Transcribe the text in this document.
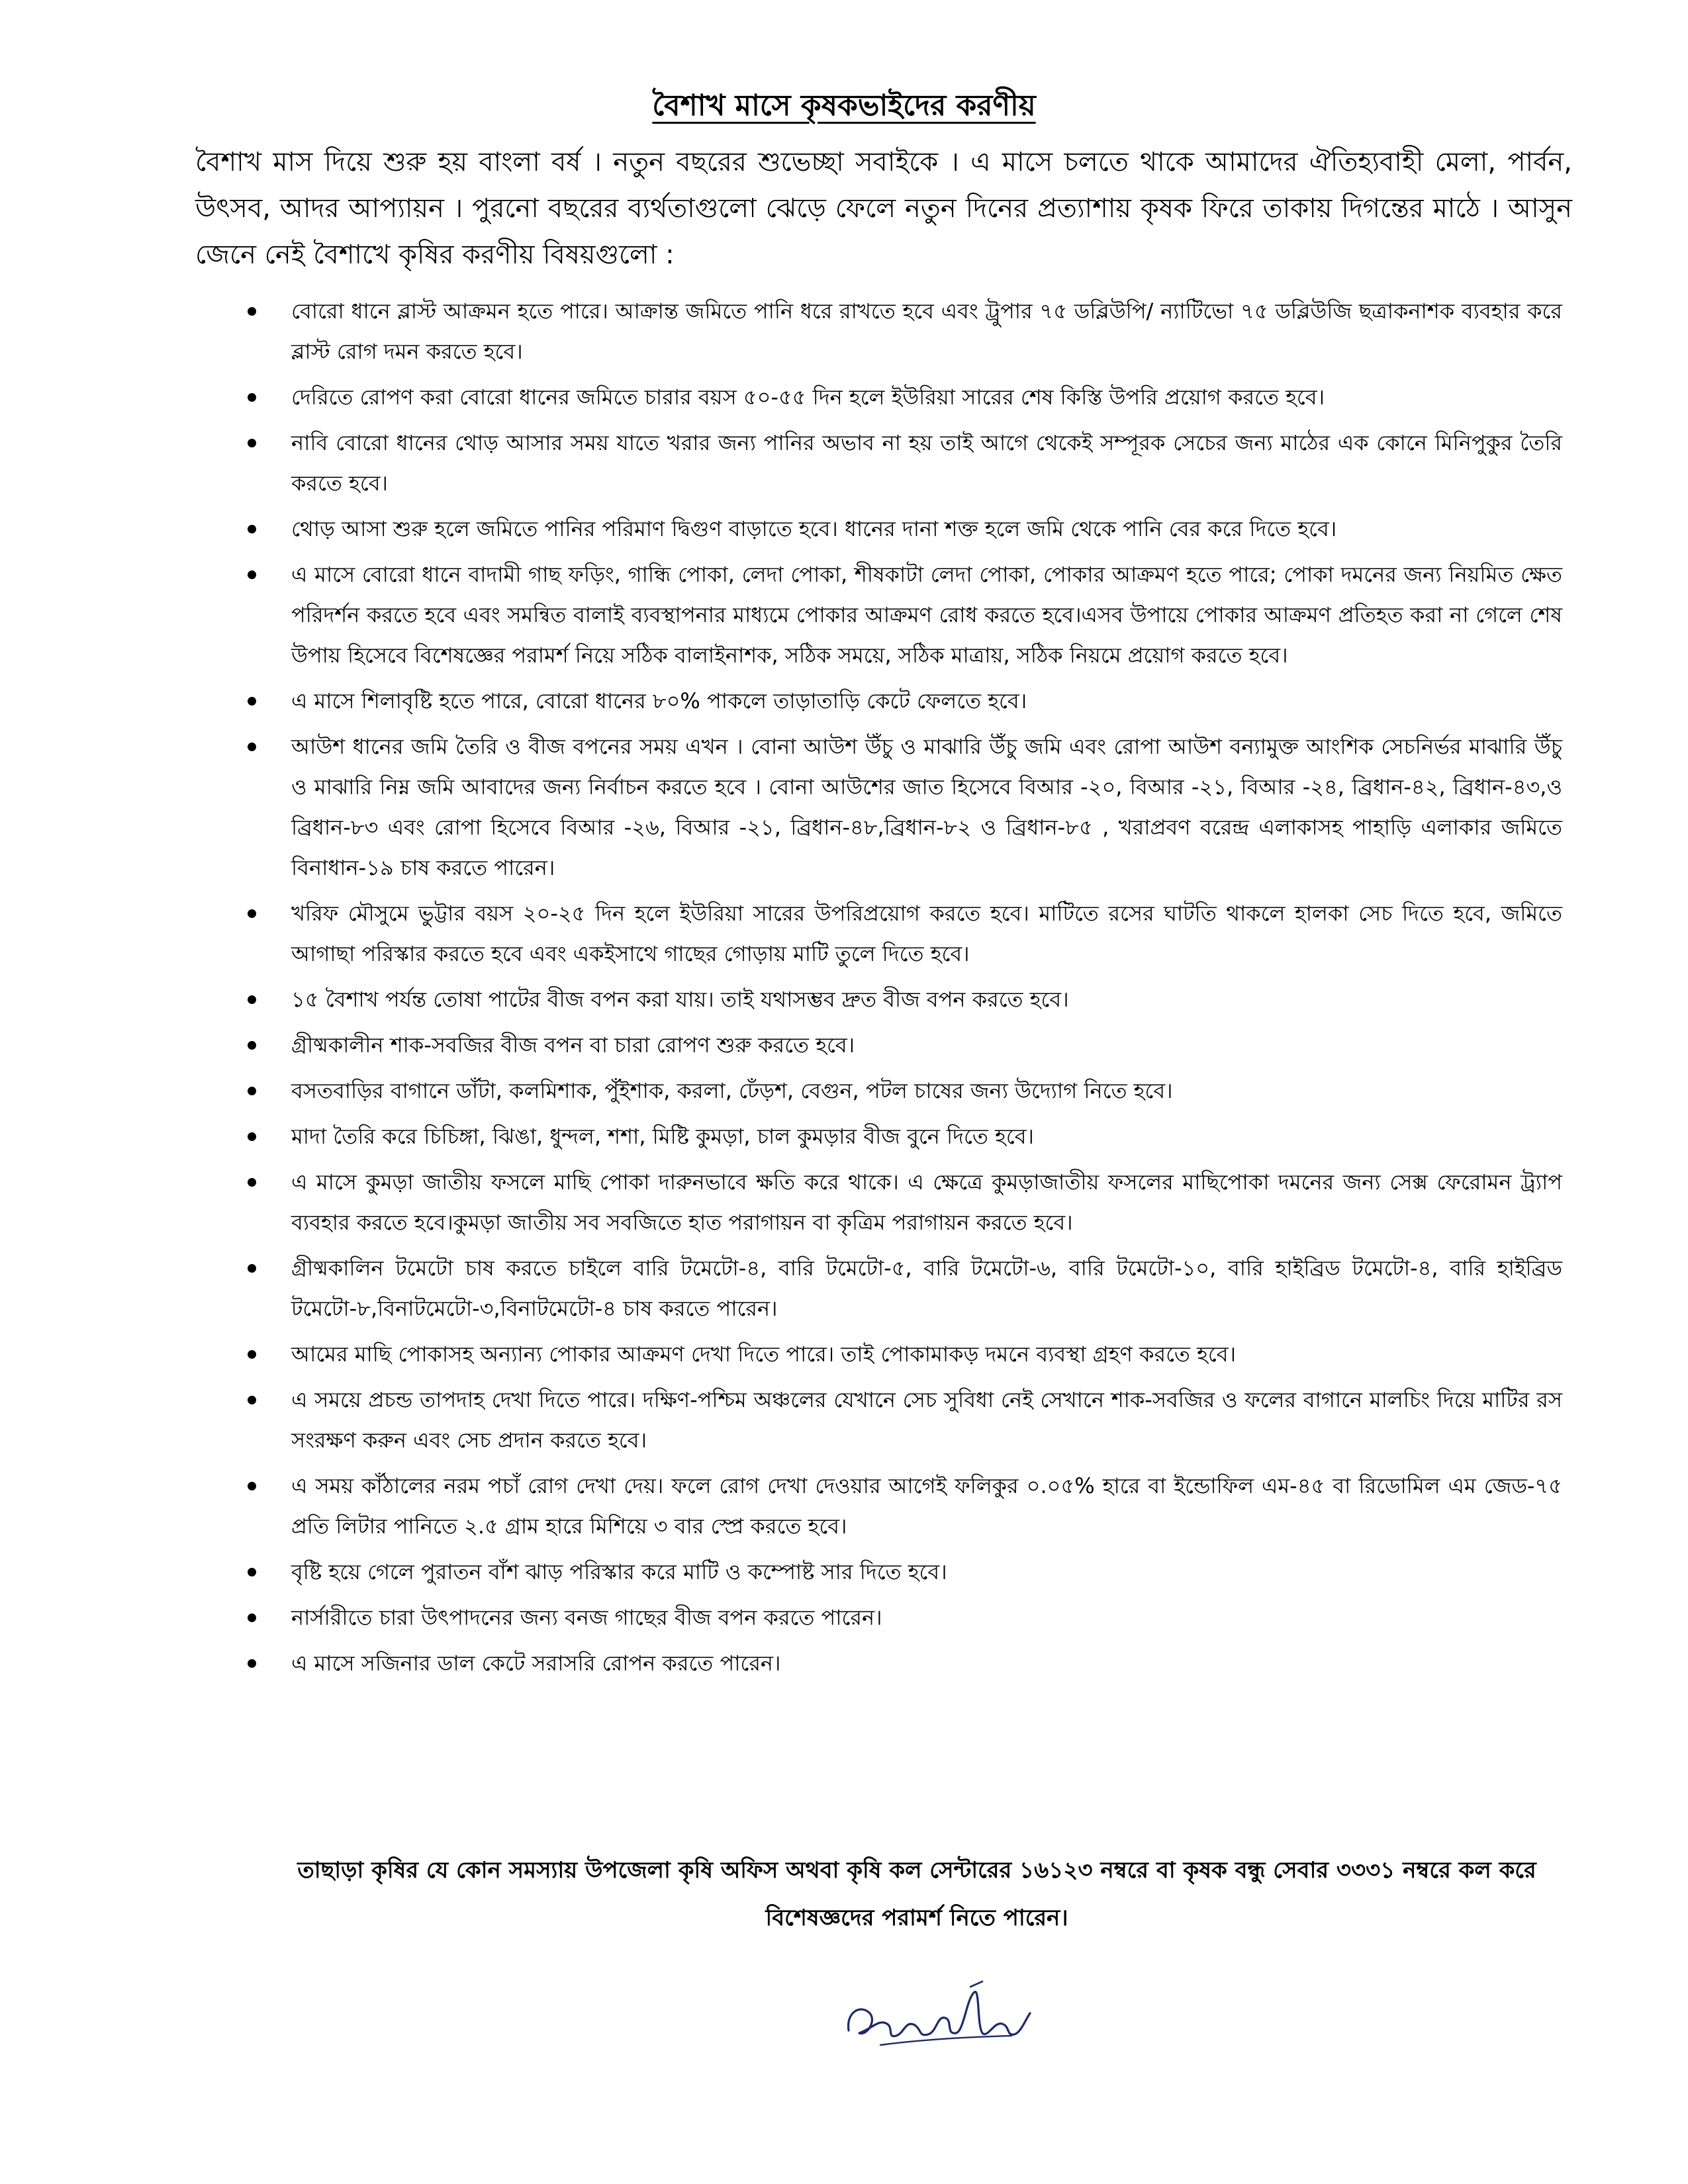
বৈশাখ মাসে কৃষকভাইদের করণীয়

বৈশাখ মাস দিয়ে শুরু হয় বাংলা বর্ষ । নতুন বছরের শুভেচ্ছা সবাইকে । এ মাসে চলতে থাকে আমাদের ঐতিহ্যবাহী মেলা, পার্বন, উৎসব, আদর আপ্যায়ন । পুরনো বছরের ব্যর্থতাগুলো ঝেড়ে ফেলে নতুন দিনের প্রত্যাশায় কৃষক ফিরে তাকায় দিগন্তের মাঠে । আসুন জেনে নেই বৈশাখে কৃষির করণীয় বিষয়গুলো :

বোরো ধানে ব্লাস্ট আক্রমন হতে পারে। আক্রান্ত জমিতে পানি ধরে রাখতে হবে এবং ট্রুপার ৭৫ ডব্লিউপি/ ন্যাটিভো ৭৫ ডব্লিউজি ছত্রাকনাশক ব্যবহার করে ব্লাস্ট রোগ দমন করতে হবে।
দেরিতে রোপণ করা বোরো ধানের জমিতে চারার বয়স ৫০-৫৫ দিন হলে ইউরিয়া সারের শেষ কিস্তি উপরি প্রয়োগ করতে হবে।
নাবি বোরো ধানের থোড় আসার সময় যাতে খরার জন্য পানির অভাব না হয় তাই আগে থেকেই সম্পূরক সেচের জন্য মাঠের এক কোনে মিনিপুকুর তৈরি করতে হবে।
থোড় আসা শুরু হলে জমিতে পানির পরিমাণ দ্বিগুণ বাড়াতে হবে। ধানের দানা শক্ত হলে জমি থেকে পানি বের করে দিতে হবে।
এ মাসে বোরো ধানে বাদামী গাছ ফড়িং, গান্ধি পোকা, লেদা পোকা, শীষকাটা লেদা পোকা, পোকার আক্রমণ হতে পারে; পোকা দমনের জন্য নিয়মিত ক্ষেত পরিদর্শন করতে হবে এবং সমন্বিত বালাই ব্যবস্থাপনার মাধ্যমে পোকার আক্রমণ রোধ করতে হবে।এসব উপায়ে পোকার আক্রমণ প্রতিহত করা না গেলে শেষ উপায় হিসেবে বিশেষজ্ঞের পরামর্শ নিয়ে সঠিক বালাইনাশক, সঠিক সময়ে, সঠিক মাত্রায়, সঠিক নিয়মে প্রয়োগ করতে হবে।
এ মাসে শিলাবৃষ্টি হতে পারে, বোরো ধানের ৮০% পাকলে তাড়াতাড়ি কেটে ফেলতে হবে।
আউশ ধানের জমি তৈরি ও বীজ বপনের সময় এখন । বোনা আউশ উঁচু ও মাঝারি উঁচু জমি এবং রোপা আউশ বন্যামুক্ত আংশিক সেচনির্ভর মাঝারি উঁচু ও মাঝারি নিম্ন জমি আবাদের জন্য নির্বাচন করতে হবে । বোনা আউশের জাত হিসেবে বিআর -২০, বিআর -২১, বিআর -২৪, ব্রিধান-৪২, ব্রিধান-৪৩,ও ব্রিধান-৮৩ এবং রোপা হিসেবে বিআর -২৬, বিআর -২১, ব্রিধান-৪৮,ব্রিধান-৮২ ও ব্রিধান-৮৫ , খরাপ্রবণ বরেন্দ্র এলাকাসহ পাহাড়ি এলাকার জমিতে বিনাধান-১৯ চাষ করতে পারেন।
খরিফ মৌসুমে ভুট্টার বয়স ২০-২৫ দিন হলে ইউরিয়া সারের উপরিপ্রয়োগ করতে হবে। মাটিতে রসের ঘাটতি থাকলে হালকা সেচ দিতে হবে, জমিতে আগাছা পরিস্কার করতে হবে এবং একইসাথে গাছের গোড়ায় মাটি তুলে দিতে হবে।
১৫ বৈশাখ পর্যন্ত তোষা পাটের বীজ বপন করা যায়। তাই যথাসম্ভব দ্রুত বীজ বপন করতে হবে।
গ্রীষ্মকালীন শাক-সবজির বীজ বপন বা চারা রোপণ শুরু করতে হবে।
বসতবাড়ির বাগানে ডাঁটা, কলমিশাক, পুঁইশাক, করলা, ঢেঁড়শ, বেগুন, পটল চাষের জন্য উদ্যোগ নিতে হবে।
মাদা তৈরি করে চিচিঙ্গা, ঝিঙা, ধুন্দল, শশা, মিষ্টি কুমড়া, চাল কুমড়ার বীজ বুনে দিতে হবে।
এ মাসে কুমড়া জাতীয় ফসলে মাছি পোকা দারুনভাবে ক্ষতি করে থাকে। এ ক্ষেত্রে কুমড়াজাতীয় ফসলের মাছিপোকা দমনের জন্য সেক্স ফেরোমন ট্র্যাপ ব্যবহার করতে হবে।কুমড়া জাতীয় সব সবজিতে হাত পরাগায়ন বা কৃত্রিম পরাগায়ন করতে হবে।
গ্রীষ্মকালিন টমেটো চাষ করতে চাইলে বারি টমেটো-৪, বারি টমেটো-৫, বারি টমেটো-৬, বারি টমেটো-১০, বারি হাইব্রিড টমেটো-৪, বারি হাইব্রিড টমেটো-৮,বিনাটমেটো-৩,বিনাটমেটো-৪ চাষ করতে পারেন।
আমের মাছি পোকাসহ অন্যান্য পোকার আক্রমণ দেখা দিতে পারে। তাই পোকামাকড় দমনে ব্যবস্থা গ্রহণ করতে হবে।
এ সময়ে প্রচন্ড তাপদাহ দেখা দিতে পারে। দক্ষিণ-পশ্চিম অঞ্চলের যেখানে সেচ সুবিধা নেই সেখানে শাক-সবজির ও ফলের বাগানে মালচিং দিয়ে মাটির রস সংরক্ষণ করুন এবং সেচ প্রদান করতে হবে।
এ সময় কাঁঠালের নরম পচাঁ রোগ দেখা দেয়। ফলে রোগ দেখা দেওয়ার আগেই ফলিকুর ০.০৫% হারে বা ইন্ডোফিল এম-৪৫ বা রিডোমিল এম জেড-৭৫ প্রতি লিটার পানিতে ২.৫ গ্রাম হারে মিশিয়ে ৩ বার স্প্রে করতে হবে।
বৃষ্টি হয়ে গেলে পুরাতন বাঁশ ঝাড় পরিস্কার করে মাটি ও কম্পোষ্ট সার দিতে হবে।
নার্সারীতে চারা উৎপাদনের জন্য বনজ গাছের বীজ বপন করতে পারেন।
এ মাসে সজিনার ডাল কেটে সরাসরি রোপন করতে পারেন।

তাছাড়া কৃষির যে কোন সমস্যায় উপজেলা কৃষি অফিস অথবা কৃষি কল সেন্টারের ১৬১২৩ নম্বরে বা কৃষক বন্ধু সেবার ৩৩৩১ নম্বরে কল করে বিশেষজ্ঞদের পরামর্শ নিতে পারেন।
